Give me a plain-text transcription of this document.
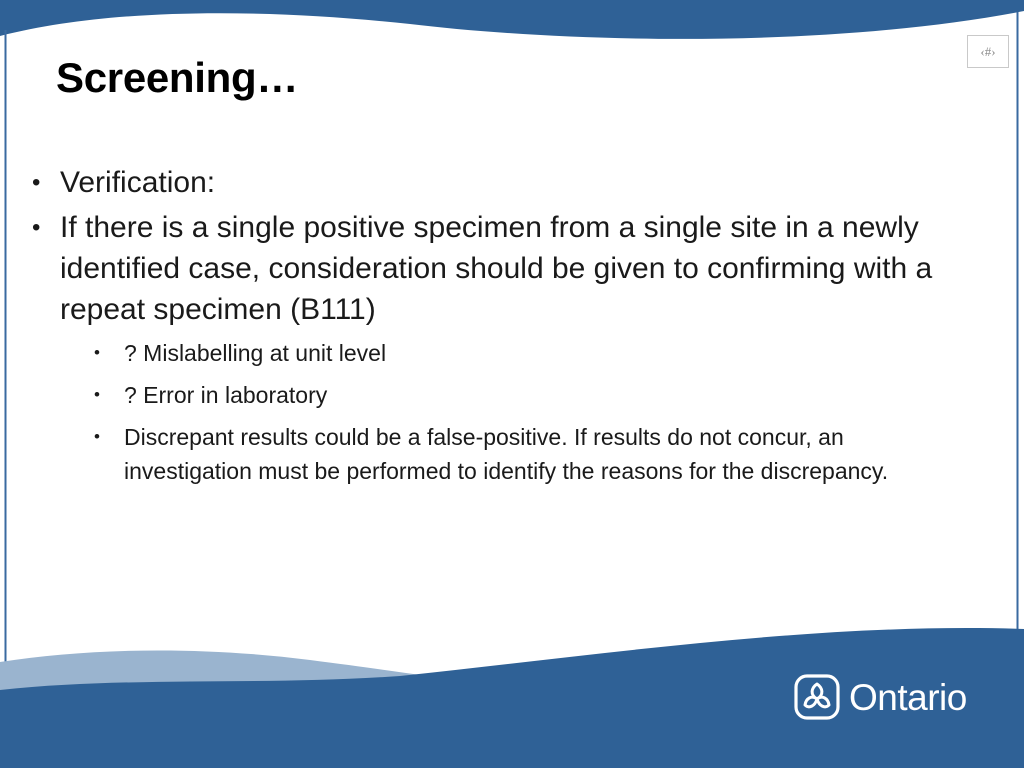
‹#›
Screening…
• Verification:
• If there is a single positive specimen from a single site in a newly identified case, consideration should be given to confirming with a repeat specimen (B111)
• ? Mislabelling at unit level
• ? Error in laboratory
• Discrepant results could be a false-positive. If results do not concur, an investigation must be performed to identify the reasons for the discrepancy.
Ontario
